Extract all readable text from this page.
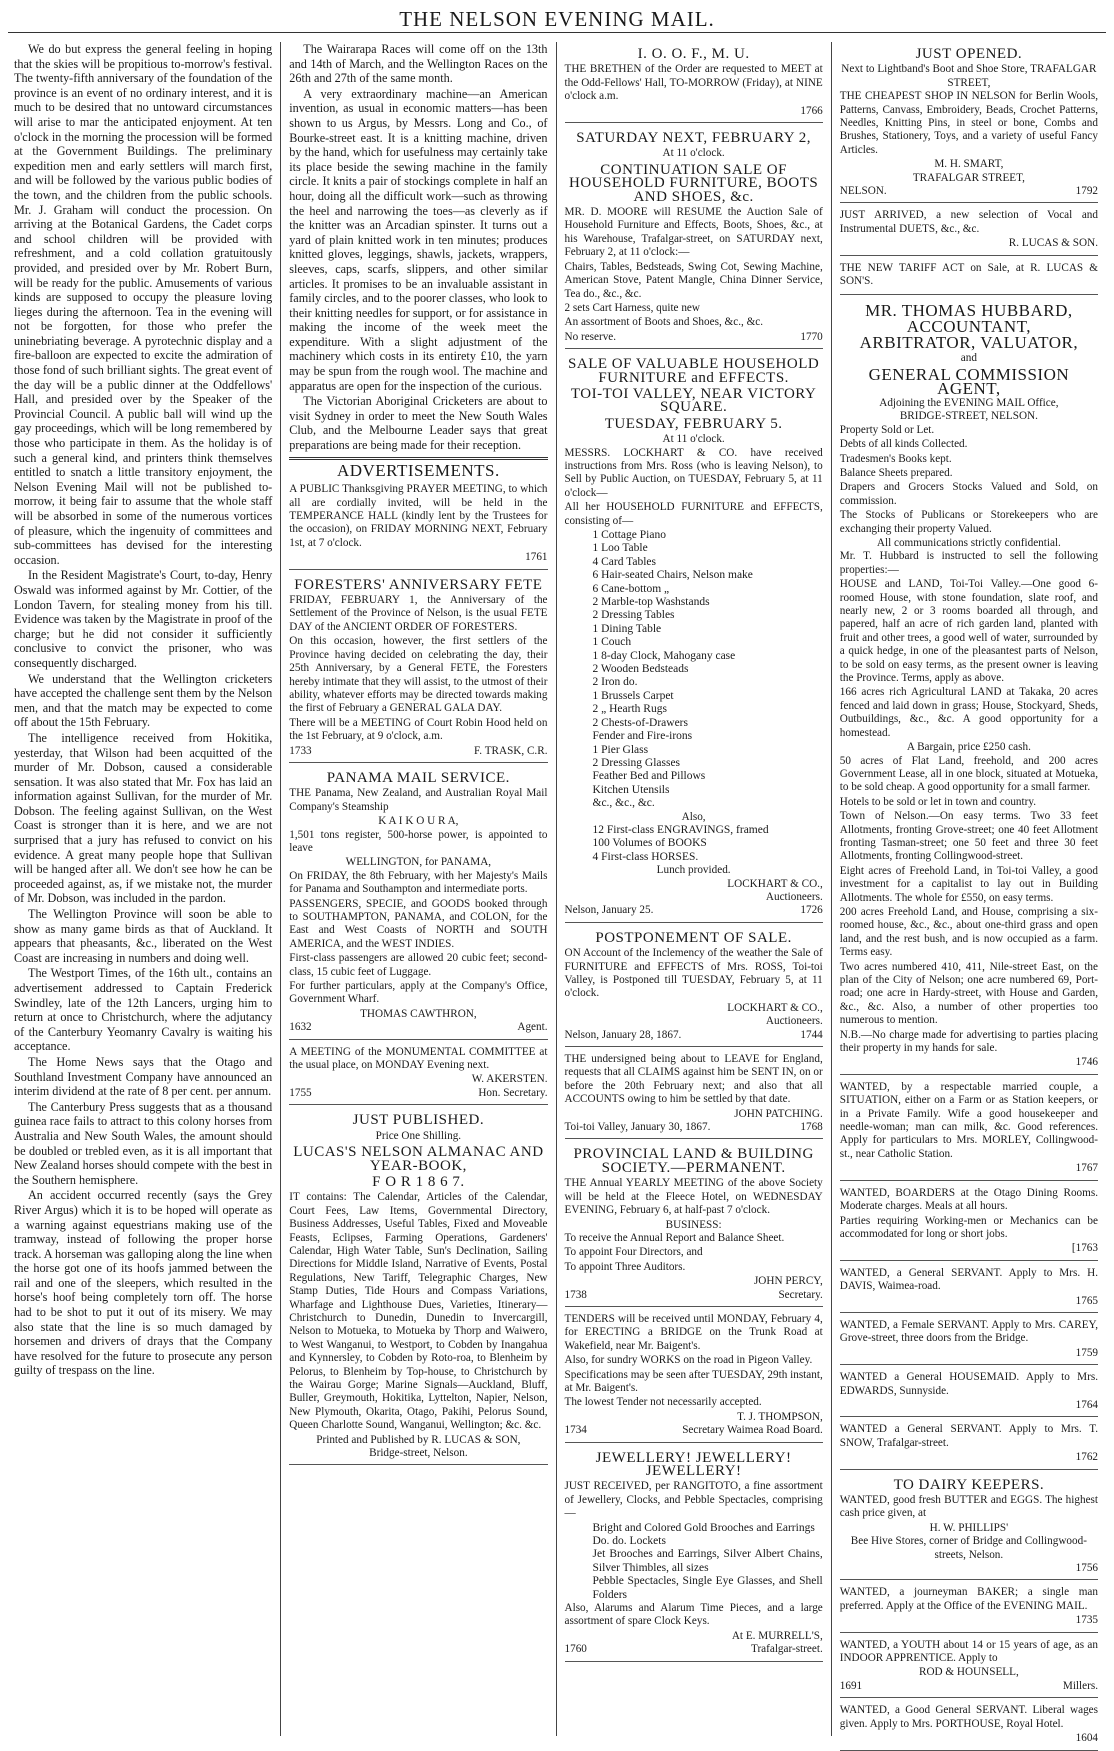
THE NELSON EVENING MAIL.

We do but express the general feeling in hoping that the skies will be propitious to-morrow's festival. The twenty-fifth anniversary of the foundation of the province is an event of no ordinary interest, and it is much to be desired that no untoward circumstances will arise to mar the anticipated enjoyment. At ten o'clock in the morning the procession will be formed at the Government Buildings. The preliminary expedition men and early settlers will march first, and will be followed by the various public bodies of the town, and the children from the public schools. Mr. J. Graham will conduct the procession. On arriving at the Botanical Gardens, the Cadet corps and school children will be provided with refreshment, and a cold collation gratuitously provided, and presided over by Mr. Robert Burn, will be ready for the public. Amusements of various kinds are supposed to occupy the pleasure loving lieges during the afternoon. Tea in the evening will not be forgotten, for those who prefer the uninebriating beverage. A pyrotechnic display and a fire-balloon are expected to excite the admiration of those fond of such brilliant sights. The great event of the day will be a public dinner at the Oddfellows' Hall, and presided over by the Speaker of the Provincial Council. A public ball will wind up the gay proceedings, which will be long remembered by those who participate in them. As the holiday is of such a general kind, and printers think themselves entitled to snatch a little transitory enjoyment, the Nelson Evening Mail will not be published to-morrow, it being fair to assume that the whole staff will be absorbed in some of the numerous vortices of pleasure, which the ingenuity of committees and sub-committees has devised for the interesting occasion.

In the Resident Magistrate's Court, to-day, Henry Oswald was informed against by Mr. Cottier, of the London Tavern, for stealing money from his till. Evidence was taken by the Magistrate in proof of the charge; but he did not consider it sufficiently conclusive to convict the prisoner, who was consequently discharged.

We understand that the Wellington cricketers have accepted the challenge sent them by the Nelson men, and that the match may be expected to come off about the 15th February.

The intelligence received from Hokitika, yesterday, that Wilson had been acquitted of the murder of Mr. Dobson, caused a considerable sensation. It was also stated that Mr. Fox has laid an information against Sullivan, for the murder of Mr. Dobson. The feeling against Sullivan, on the West Coast is stronger than it is here, and we are not surprised that a jury has refused to convict on his evidence. A great many people hope that Sullivan will be hanged after all. We don't see how he can be proceeded against, as, if we mistake not, the murder of Mr. Dobson, was included in the pardon.

The Wellington Province will soon be able to show as many game birds as that of Auckland. It appears that pheasants, &c., liberated on the West Coast are increasing in numbers and doing well.

The Westport Times, of the 16th ult., contains an advertisement addressed to Captain Frederick Swindley, late of the 12th Lancers, urging him to return at once to Christchurch, where the adjutancy of the Canterbury Yeomanry Cavalry is waiting his acceptance.

The Home News says that the Otago and Southland Investment Company have announced an interim dividend at the rate of 8 per cent. per annum.

The Canterbury Press suggests that as a thousand guinea race fails to attract to this colony horses from Australia and New South Wales, the amount should be doubled or trebled even, as it is all important that New Zealand horses should compete with the best in the Southern hemisphere.

An accident occurred recently (says the Grey River Argus) which it is to be hoped will operate as a warning against equestrians making use of the tramway, instead of following the proper horse track. A horseman was galloping along the line when the horse got one of its hoofs jammed between the rail and one of the sleepers, which resulted in the horse's hoof being completely torn off. The horse had to be shot to put it out of its misery. We may also state that the line is so much damaged by horsemen and drivers of drays that the Company have resolved for the future to prosecute any person guilty of trespass on the line.

The Wairarapa Races will come off on the 13th and 14th of March, and the Wellington Races on the 26th and 27th of the same month.

A very extraordinary machine—an American invention, as usual in economic matters—has been shown to us Argus, by Messrs. Long and Co., of Bourke-street east. It is a knitting machine, driven by the hand, which for usefulness may certainly take its place beside the sewing machine in the family circle. It knits a pair of stockings complete in half an hour, doing all the difficult work—such as throwing the heel and narrowing the toes—as cleverly as if the knitter was an Arcadian spinster. It turns out a yard of plain knitted work in ten minutes; produces knitted gloves, leggings, shawls, jackets, wrappers, sleeves, caps, scarfs, slippers, and other similar articles. It promises to be an invaluable assistant in family circles, and to the poorer classes, who look to their knitting needles for support, or for assistance in making the income of the week meet the expenditure. With a slight adjustment of the machinery which costs in its entirety £10, the yarn may be spun from the rough wool. The machine and apparatus are open for the inspection of the curious.

The Victorian Aboriginal Cricketers are about to visit Sydney in order to meet the New South Wales Club, and the Melbourne Leader says that great preparations are being made for their reception.

ADVERTISEMENTS.

A PUBLIC Thanksgiving PRAYER MEETING, to which all are cordially invited, will be held in the TEMPERANCE HALL (kindly lent by the Trustees for the occasion), on FRIDAY MORNING NEXT, February 1st, at 7 o'clock.

1761
FORESTERS' ANNIVERSARY FETE

FRIDAY, FEBRUARY 1, the Anniversary of the Settlement of the Province of Nelson, is the usual FETE DAY of the ANCIENT ORDER OF FORESTERS.

On this occasion, however, the first settlers of the Province having decided on celebrating the day, their 25th Anniversary, by a General FETE, the Foresters hereby intimate that they will assist, to the utmost of their ability, whatever efforts may be directed towards making the first of February a GENERAL GALA DAY.

There will be a MEETING of Court Robin Hood held on the 1st February, at 9 o'clock, a.m.

1733	F. TRASK, C.R.
PANAMA MAIL SERVICE.

THE Panama, New Zealand, and Australian Royal Mail Company's Steamship

K A I K O U R A,

1,501 tons register, 500-horse power, is appointed to leave

WELLINGTON, for PANAMA,

On FRIDAY, the 8th February, with her Majesty's Mails for Panama and Southampton and intermediate ports.

PASSENGERS, SPECIE, and GOODS booked through to SOUTHAMPTON, PANAMA, and COLON, for the East and West Coasts of NORTH and SOUTH AMERICA, and the WEST INDIES.

First-class passengers are allowed 20 cubic feet; second-class, 15 cubic feet of Luggage.

For further particulars, apply at the Company's Office, Government Wharf.

THOMAS CAWTHRON,
1632	Agent.

A MEETING of the MONUMENTAL COMMITTEE at the usual place, on MONDAY Evening next.

W. AKERSTEN.
1755	Hon. Secretary.
JUST PUBLISHED.
Price One Shilling.
LUCAS'S NELSON ALMANAC AND YEAR-BOOK,
F O R 1 8 6 7.

IT contains: The Calendar, Articles of the Calendar, Court Fees, Law Items, Governmental Directory, Business Addresses, Useful Tables, Fixed and Moveable Feasts, Eclipses, Farming Operations, Gardeners' Calendar, High Water Table, Sun's Declination, Sailing Directions for Middle Island, Narrative of Events, Postal Regulations, New Tariff, Telegraphic Charges, New Stamp Duties, Tide Hours and Compass Variations, Wharfage and Lighthouse Dues, Varieties, Itinerary—Christchurch to Dunedin, Dunedin to Invercargill, Nelson to Motueka, to Motueka by Thorp and Waiwero, to West Wanganui, to Westport, to Cobden by Inangahua and Kynnersley, to Cobden by Roto-roa, to Blenheim by Pelorus, to Blenheim by Top-house, to Christchurch by the Wairau Gorge; Marine Signals—Auckland, Bluff, Buller, Greymouth, Hokitika, Lyttelton, Napier, Nelson, New Plymouth, Okarita, Otago, Pakihi, Pelorus Sound, Queen Charlotte Sound, Wanganui, Wellington; &c. &c.

Printed and Published by R. LUCAS & SON,
Bridge-street, Nelson.
I. O. O. F., M. U.

THE BRETHEN of the Order are requested to MEET at the Odd-Fellows' Hall, TO-MORROW (Friday), at NINE o'clock a.m.

1766
SATURDAY NEXT, FEBRUARY 2,
At 11 o'clock.
CONTINUATION SALE OF HOUSEHOLD FURNITURE, BOOTS AND SHOES, &c.

MR. D. MOORE will RESUME the Auction Sale of Household Furniture and Effects, Boots, Shoes, &c., at his Warehouse, Trafalgar-street, on SATURDAY next, February 2, at 11 o'clock:—

Chairs, Tables, Bedsteads, Swing Cot, Sewing Machine, American Stove, Patent Mangle, China Dinner Service, Tea do., &c., &c.

2 sets Cart Harness, quite new

An assortment of Boots and Shoes, &c., &c.

No reserve.	1770
SALE OF VALUABLE HOUSEHOLD FURNITURE and EFFECTS.
TOI-TOI VALLEY, NEAR VICTORY SQUARE.
TUESDAY, FEBRUARY 5.
At 11 o'clock.

MESSRS. LOCKHART & CO. have received instructions from Mrs. Ross (who is leaving Nelson), to Sell by Public Auction, on TUESDAY, February 5, at 11 o'clock—

All her HOUSEHOLD FURNITURE and EFFECTS, consisting of—

1 Cottage Piano
1 Loo Table
4 Card Tables
6 Hair-seated Chairs, Nelson make
6 Cane-bottom „
2 Marble-top Washstands
2 Dressing Tables
1 Dining Table
1 Couch
1 8-day Clock, Mahogany case
2 Wooden Bedsteads
2 Iron do.
1 Brussels Carpet
2 „ Hearth Rugs
2 Chests-of-Drawers
Fender and Fire-irons
1 Pier Glass
2 Dressing Glasses
Feather Bed and Pillows
Kitchen Utensils
&c., &c., &c.
Also,
12 First-class ENGRAVINGS, framed
100 Volumes of BOOKS
4 First-class HORSES.
Lunch provided.
LOCKHART & CO.,
Auctioneers.
Nelson, January 25.	1726
POSTPONEMENT OF SALE.

ON Account of the Inclemency of the weather the Sale of FURNITURE and EFFECTS of Mrs. ROSS, Toi-toi Valley, is Postponed till TUESDAY, February 5, at 11 o'clock.

LOCKHART & CO.,
Auctioneers.
Nelson, January 28, 1867.	1744

THE undersigned being about to LEAVE for England, requests that all CLAIMS against him be SENT IN, on or before the 20th February next; and also that all ACCOUNTS owing to him be settled by that date.

JOHN PATCHING.
Toi-toi Valley, January 30, 1867.	1768
PROVINCIAL LAND & BUILDING SOCIETY.—PERMANENT.

THE Annual YEARLY MEETING of the above Society will be held at the Fleece Hotel, on WEDNESDAY EVENING, February 6, at half-past 7 o'clock.

BUSINESS:

To receive the Annual Report and Balance Sheet.

To appoint Four Directors, and

To appoint Three Auditors.

JOHN PERCY,
1738	Secretary.

TENDERS will be received until MONDAY, February 4, for ERECTING a BRIDGE on the Trunk Road at Wakefield, near Mr. Baigent's.

Also, for sundry WORKS on the road in Pigeon Valley.

Specifications may be seen after TUESDAY, 29th instant, at Mr. Baigent's.

The lowest Tender not necessarily accepted.

T. J. THOMPSON,
1734	Secretary Waimea Road Board.
JEWELLERY! JEWELLERY! JEWELLERY!

JUST RECEIVED, per RANGITOTO, a fine assortment of Jewellery, Clocks, and Pebble Spectacles, comprising—

Bright and Colored Gold Brooches and Earrings
Do. do. Lockets
Jet Brooches and Earrings, Silver Albert Chains, Silver Thimbles, all sizes
Pebble Spectacles, Single Eye Glasses, and Shell Folders

Also, Alarums and Alarum Time Pieces, and a large assortment of spare Clock Keys.

At E. MURRELL'S,
1760	Trafalgar-street.
JUST OPENED.
Next to Lightband's Boot and Shoe Store, TRAFALGAR STREET,

THE CHEAPEST SHOP IN NELSON for Berlin Wools, Patterns, Canvass, Embroidery, Beads, Crochet Patterns, Needles, Knitting Pins, in steel or bone, Combs and Brushes, Stationery, Toys, and a variety of useful Fancy Articles.

M. H. SMART,
TRAFALGAR STREET,
NELSON.	1792

JUST ARRIVED, a new selection of Vocal and Instrumental DUETS, &c., &c.

R. LUCAS & SON.

THE NEW TARIFF ACT on Sale, at R. LUCAS & SON'S.

MR. THOMAS HUBBARD,
ACCOUNTANT,
ARBITRATOR, VALUATOR,
and
GENERAL COMMISSION AGENT,
Adjoining the EVENING MAIL Office,
BRIDGE-STREET, NELSON.

Property Sold or Let.

Debts of all kinds Collected.

Tradesmen's Books kept.

Balance Sheets prepared.

Drapers and Grocers Stocks Valued and Sold, on commission.

The Stocks of Publicans or Storekeepers who are exchanging their property Valued.

All communications strictly confidential.

Mr. T. Hubbard is instructed to sell the following properties:—

HOUSE and LAND, Toi-Toi Valley.—One good 6-roomed House, with stone foundation, slate roof, and nearly new, 2 or 3 rooms boarded all through, and papered, half an acre of rich garden land, planted with fruit and other trees, a good well of water, surrounded by a quick hedge, in one of the pleasantest parts of Nelson, to be sold on easy terms, as the present owner is leaving the Province. Terms, apply as above.

166 acres rich Agricultural LAND at Takaka, 20 acres fenced and laid down in grass; House, Stockyard, Sheds, Outbuildings, &c., &c. A good opportunity for a homestead.

A Bargain, price £250 cash.

50 acres of Flat Land, freehold, and 200 acres Government Lease, all in one block, situated at Motueka, to be sold cheap. A good opportunity for a small farmer.

Hotels to be sold or let in town and country.

Town of Nelson.—On easy terms. Two 33 feet Allotments, fronting Grove-street; one 40 feet Allotment fronting Tasman-street; one 50 feet and three 30 feet Allotments, fronting Collingwood-street.

Eight acres of Freehold Land, in Toi-toi Valley, a good investment for a capitalist to lay out in Building Allotments. The whole for £550, on easy terms.

200 acres Freehold Land, and House, comprising a six-roomed house, &c., &c., about one-third grass and open land, and the rest bush, and is now occupied as a farm. Terms easy.

Two acres numbered 410, 411, Nile-street East, on the plan of the City of Nelson; one acre numbered 69, Port-road; one acre in Hardy-street, with House and Garden, &c., &c. Also, a number of other properties too numerous to mention.

N.B.—No charge made for advertising to parties placing their property in my hands for sale.

1746

WANTED, by a respectable married couple, a SITUATION, either on a Farm or as Station keepers, or in a Private Family. Wife a good housekeeper and needle-woman; man can milk, &c. Good references. Apply for particulars to Mrs. MORLEY, Collingwood-st., near Catholic Station.

1767

WANTED, BOARDERS at the Otago Dining Rooms. Moderate charges. Meals at all hours.

Parties requiring Working-men or Mechanics can be accommodated for long or short jobs.

[1763

WANTED, a General SERVANT. Apply to Mrs. H. DAVIS, Waimea-road.

1765

WANTED, a Female SERVANT. Apply to Mrs. CAREY, Grove-street, three doors from the Bridge.

1759

WANTED a General HOUSEMAID. Apply to Mrs. EDWARDS, Sunnyside.

1764

WANTED a General SERVANT. Apply to Mrs. T. SNOW, Trafalgar-street.

1762
TO DAIRY KEEPERS.

WANTED, good fresh BUTTER and EGGS. The highest cash price given, at

H. W. PHILLIPS'
Bee Hive Stores, corner of Bridge and Collingwood-streets, Nelson.
1756

WANTED, a journeyman BAKER; a single man preferred. Apply at the Office of the EVENING MAIL.

1735

WANTED, a YOUTH about 14 or 15 years of age, as an INDOOR APPRENTICE. Apply to

ROD & HOUNSELL,
1691	Millers.

WANTED, a Good General SERVANT. Liberal wages given. Apply to Mrs. PORTHOUSE, Royal Hotel.

1604
